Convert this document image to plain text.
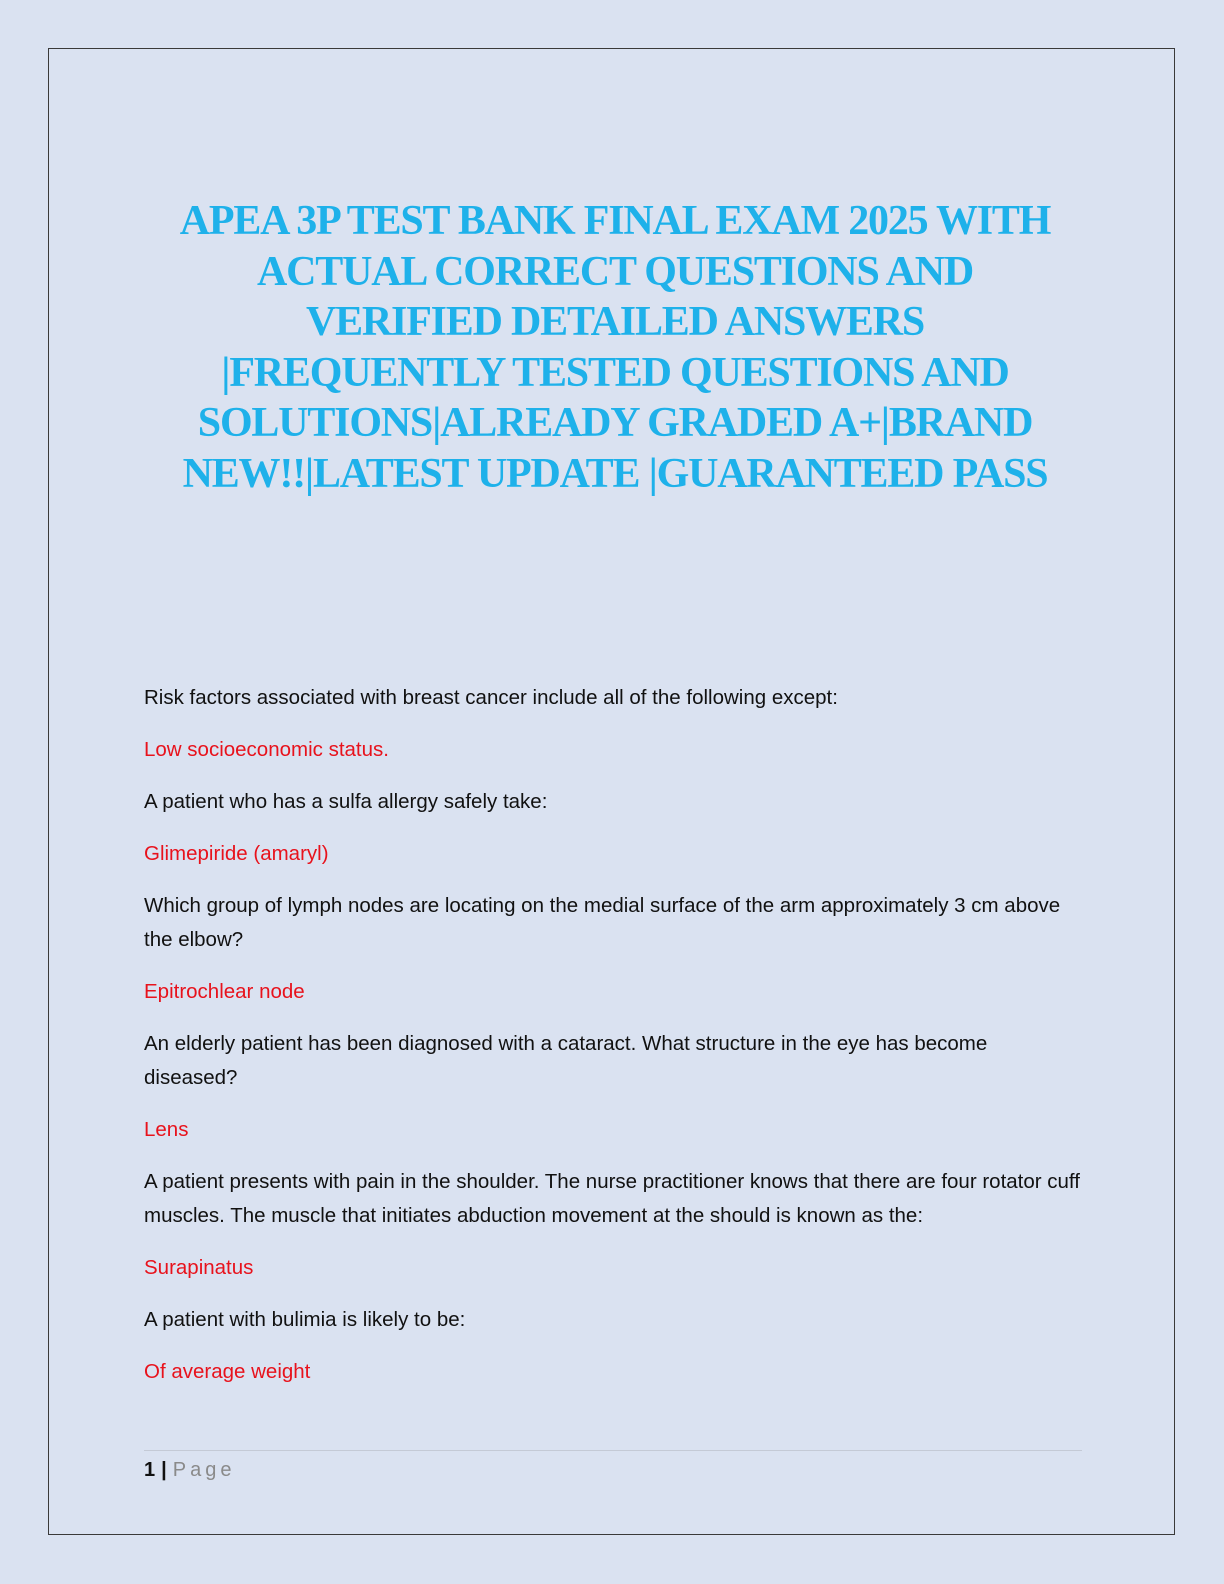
APEA 3P TEST BANK FINAL EXAM 2025 WITH
ACTUAL CORRECT QUESTIONS AND
VERIFIED DETAILED ANSWERS
|FREQUENTLY TESTED QUESTIONS AND
SOLUTIONS|ALREADY GRADED A+|BRAND
NEW!!|LATEST UPDATE |GUARANTEED PASS

Risk factors associated with breast cancer include all of the following except:

Low socioeconomic status.

A patient who has a sulfa allergy safely take:

Glimepiride (amaryl)

Which group of lymph nodes are locating on the medial surface of the arm approximately 3 cm above the elbow?

Epitrochlear node

An elderly patient has been diagnosed with a cataract. What structure in the eye has become diseased?

Lens

A patient presents with pain in the shoulder. The nurse practitioner knows that there are four rotator cuff muscles. The muscle that initiates abduction movement at the should is known as the:

Surapinatus

A patient with bulimia is likely to be:

Of average weight

1 | Page
